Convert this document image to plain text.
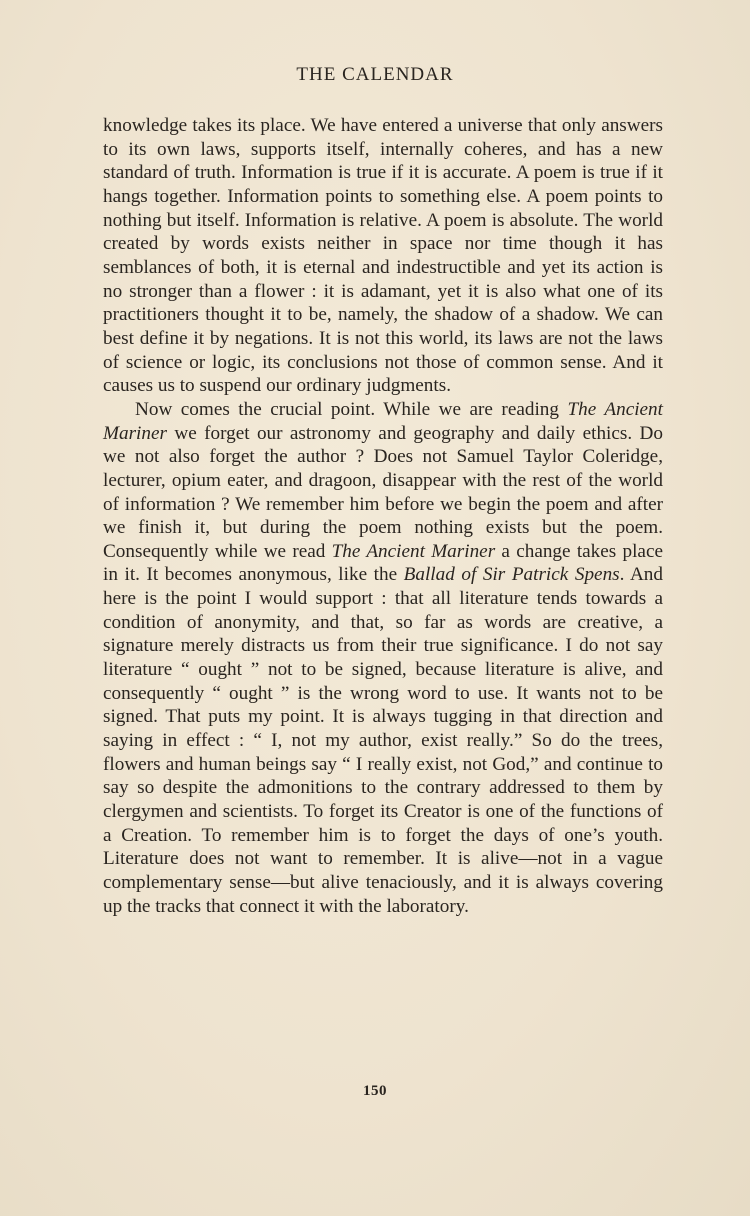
THE CALENDAR

knowledge takes its place. We have entered a universe that only answers to its own laws, supports itself, internally coheres, and has a new standard of truth. Information is true if it is accurate. A poem is true if it hangs together. Information points to something else. A poem points to nothing but itself. Information is relative. A poem is absolute. The world created by words exists neither in space nor time though it has semblances of both, it is eternal and indestructible and yet its action is no stronger than a flower : it is adamant, yet it is also what one of its practitioners thought it to be, namely, the shadow of a shadow. We can best define it by negations. It is not this world, its laws are not the laws of science or logic, its conclusions not those of common sense. And it causes us to suspend our ordinary judgments.

Now comes the crucial point. While we are reading The Ancient Mariner we forget our astronomy and geography and daily ethics. Do we not also forget the author ? Does not Samuel Taylor Coleridge, lecturer, opium eater, and dragoon, disappear with the rest of the world of information ? We remember him before we begin the poem and after we finish it, but during the poem nothing exists but the poem. Consequently while we read The Ancient Mariner a change takes place in it. It becomes anonymous, like the Ballad of Sir Patrick Spens. And here is the point I would support : that all literature tends towards a condition of anonymity, and that, so far as words are creative, a signature merely distracts us from their true significance. I do not say literature “ ought ” not to be signed, because literature is alive, and consequently “ ought ” is the wrong word to use. It wants not to be signed. That puts my point. It is always tugging in that direction and saying in effect : “ I, not my author, exist really.” So do the trees, flowers and human beings say “ I really exist, not God,” and continue to say so despite the admonitions to the contrary addressed to them by clergymen and scientists. To forget its Creator is one of the functions of a Creation. To remember him is to forget the days of one’s youth. Literature does not want to remember. It is alive—not in a vague complementary sense—but alive tenaciously, and it is always covering up the tracks that connect it with the laboratory.

150
